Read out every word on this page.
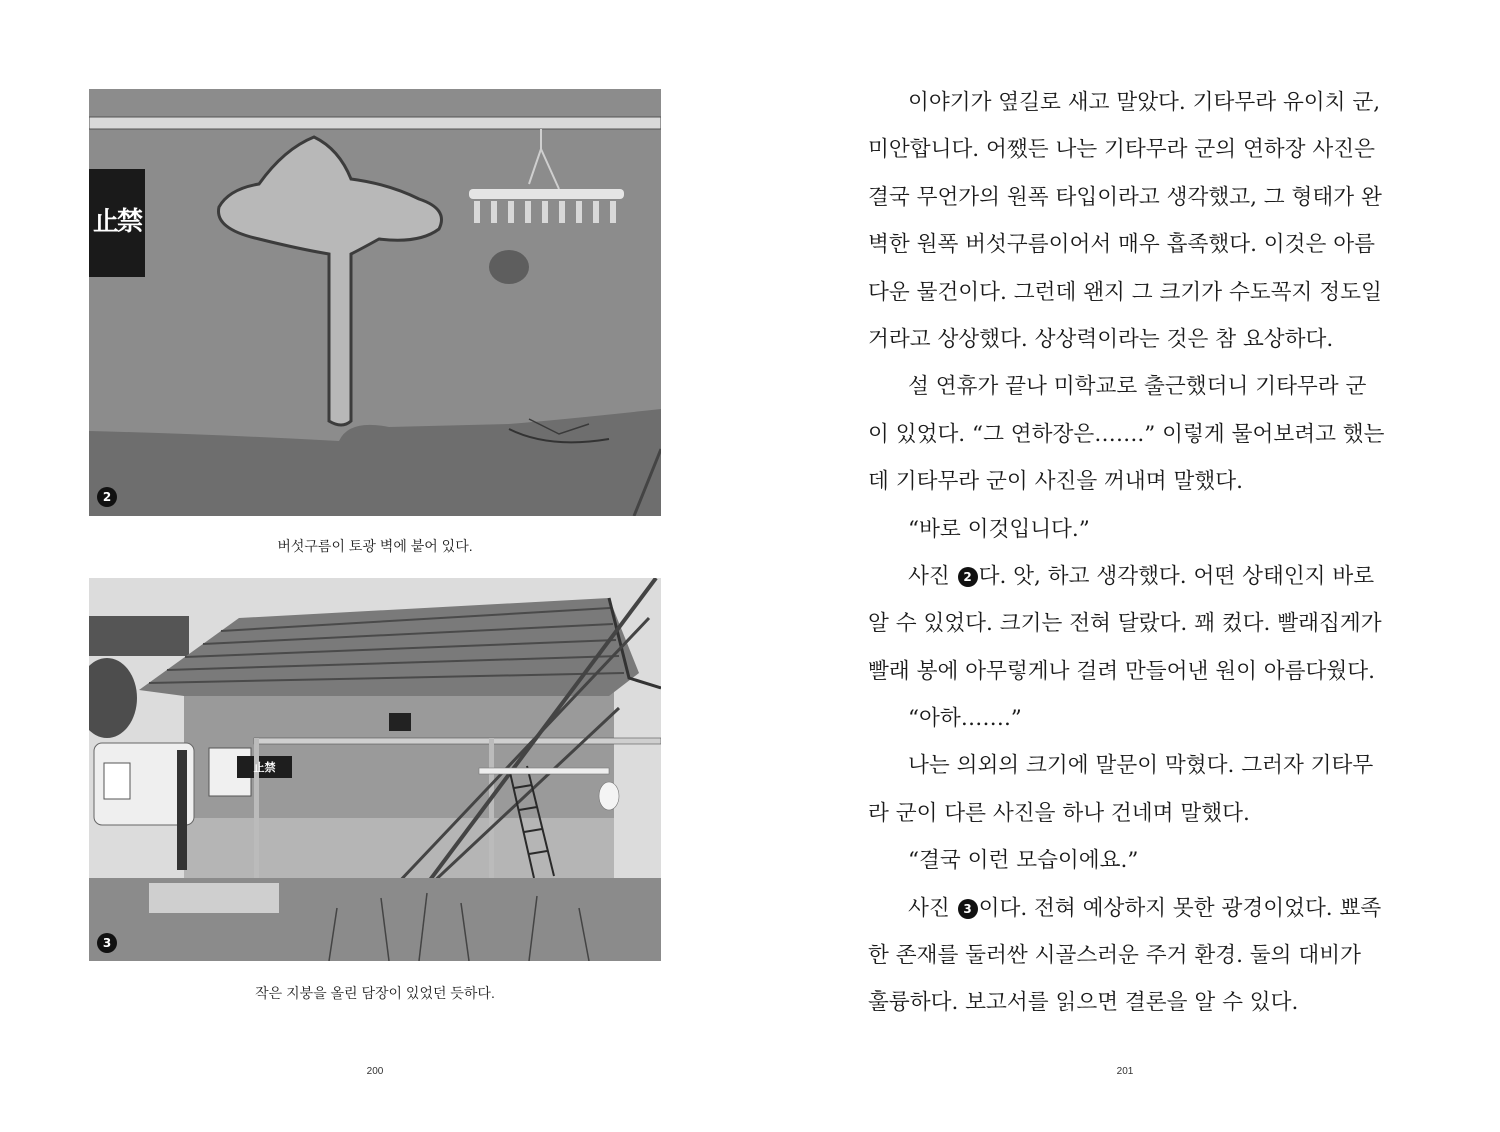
止禁
2
버섯구름이 토광 벽에 붙어 있다.
止禁
3
작은 지붕을 올린 담장이 있었던 듯하다.
200
이야기가 옆길로 새고 말았다. 기타무라 유이치 군,
미안합니다. 어쨌든 나는 기타무라 군의 연하장 사진은
결국 무언가의 원폭 타입이라고 생각했고, 그 형태가 완
벽한 원폭 버섯구름이어서 매우 흡족했다. 이것은 아름
다운 물건이다. 그런데 왠지 그 크기가 수도꼭지 정도일
거라고 상상했다. 상상력이라는 것은 참 요상하다.
설 연휴가 끝나 미학교로 출근했더니 기타무라 군
이 있었다. “그 연하장은…….” 이렇게 물어보려고 했는
데 기타무라 군이 사진을 꺼내며 말했다.
“바로 이것입니다.”
사진 2 다. 앗, 하고 생각했다. 어떤 상태인지 바로
알 수 있었다. 크기는 전혀 달랐다. 꽤 컸다. 빨래집게가
빨래 봉에 아무렇게나 걸려 만들어낸 원이 아름다웠다.
“아하…….”
나는 의외의 크기에 말문이 막혔다. 그러자 기타무
라 군이 다른 사진을 하나 건네며 말했다.
“결국 이런 모습이에요.”
사진 3 이다. 전혀 예상하지 못한 광경이었다. 뾰족
한 존재를 둘러싼 시골스러운 주거 환경. 둘의 대비가
훌륭하다. 보고서를 읽으면 결론을 알 수 있다.
201
